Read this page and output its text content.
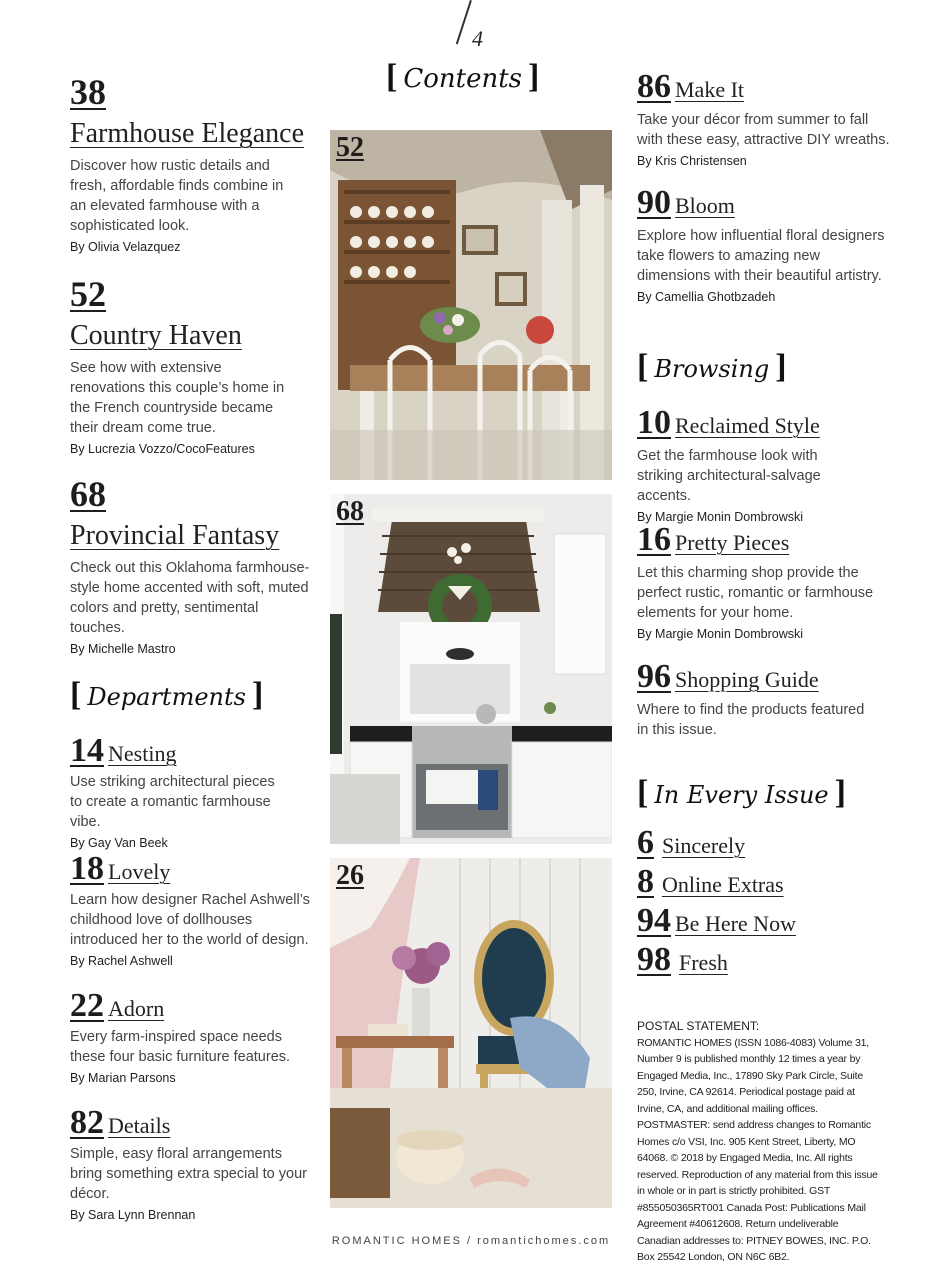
4
[ Contents ]
38
Farmhouse Elegance
Discover how rustic details and fresh, affordable finds combine in an elevated farmhouse with a sophisticated look.
By Olivia Velazquez
52
Country Haven
See how with extensive renovations this couple’s home in the French countryside became their dream come true.
By Lucrezia Vozzo/CocoFeatures
68
Provincial Fantasy
Check out this Oklahoma farmhouse-style home accented with soft, muted colors and pretty, sentimental touches.
By Michelle Mastro
[ Departments ]
14 Nesting
Use striking architectural pieces to create a romantic farmhouse vibe.
By Gay Van Beek
18 Lovely
Learn how designer Rachel Ashwell’s childhood love of dollhouses introduced her to the world of design.
By Rachel Ashwell
22 Adorn
Every farm-inspired space needs these four basic furniture features.
By Marian Parsons
82 Details
Simple, easy floral arrangements bring something extra special to your décor.
By Sara Lynn Brennan
52
68
26
86 Make It
Take your décor from summer to fall with these easy, attractive DIY wreaths.
By Kris Christensen
90 Bloom
Explore how influential floral designers take flowers to amazing new dimensions with their beautiful artistry.
By Camellia Ghotbzadeh
[ Browsing ]
10 Reclaimed Style
Get the farmhouse look with striking architectural-salvage accents.
By Margie Monin Dombrowski
16 Pretty Pieces
Let this charming shop provide the perfect rustic, romantic or farmhouse elements for your home.
By Margie Monin Dombrowski
96 Shopping Guide
Where to find the products featured in this issue.
[ In Every Issue ]
6 Sincerely
8 Online Extras
94 Be Here Now
98 Fresh
POSTAL STATEMENT:
ROMANTIC HOMES (ISSN 1086-4083) Volume 31, Number 9 is published monthly 12 times a year by Engaged Media, Inc., 17890 Sky Park Circle, Suite 250, Irvine, CA 92614. Periodical postage paid at Irvine, CA, and additional mailing offices. POSTMASTER: send address changes to Romantic Homes c/o VSI, Inc. 905 Kent Street, Liberty, MO 64068. © 2018 by Engaged Media, Inc. All rights reserved. Reproduction of any material from this issue in whole or in part is strictly prohibited. GST #855050365RT001 Canada Post: Publications Mail Agreement #40612608. Return undeliverable Canadian addresses to: PITNEY BOWES, INC. P.O. Box 25542 London, ON N6C 6B2.
ROMANTIC HOMES / romantichomes.com
